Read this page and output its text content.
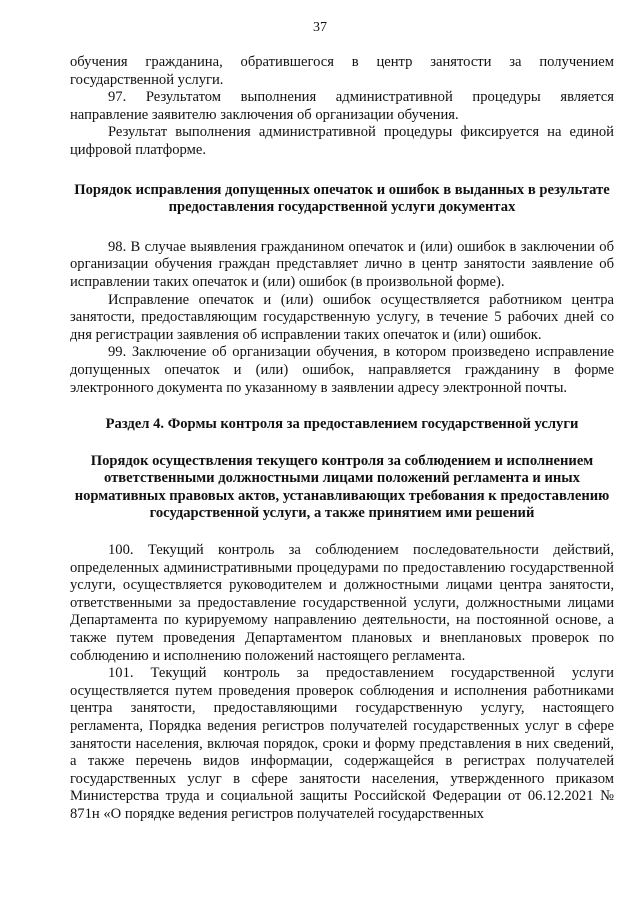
37

обучения гражданина, обратившегося в центр занятости за получением государственной услуги.

97. Результатом выполнения административной процедуры является направление заявителю заключения об организации обучения.

Результат выполнения административной процедуры фиксируется на единой цифровой платформе.

Порядок исправления допущенных опечаток и ошибок в выданных в результате предоставления государственной услуги документах

98. В случае выявления гражданином опечаток и (или) ошибок в заключении об организации обучения граждан представляет лично в центр занятости заявление об исправлении таких опечаток и (или) ошибок (в произвольной форме).

Исправление опечаток и (или) ошибок осуществляется работником центра занятости, предоставляющим государственную услугу, в течение 5 рабочих дней со дня регистрации заявления об исправлении таких опечаток и (или) ошибок.

99. Заключение об организации обучения, в котором произведено исправление допущенных опечаток и (или) ошибок, направляется гражданину в форме электронного документа по указанному в заявлении адресу электронной почты.

Раздел 4. Формы контроля за предоставлением государственной услуги
Порядок осуществления текущего контроля за соблюдением и исполнением ответственными должностными лицами положений регламента и иных нормативных правовых актов, устанавливающих требования к предоставлению государственной услуги, а также принятием ими решений

100. Текущий контроль за соблюдением последовательности действий, определенных административными процедурами по предоставлению государственной услуги, осуществляется руководителем и должностными лицами центра занятости, ответственными за предоставление государственной услуги, должностными лицами Департамента по курируемому направлению деятельности, на постоянной основе, а также путем проведения Департаментом плановых и внеплановых проверок по соблюдению и исполнению положений настоящего регламента.

101. Текущий контроль за предоставлением государственной услуги осуществляется путем проведения проверок соблюдения и исполнения работниками центра занятости, предоставляющими государственную услугу, настоящего регламента, Порядка ведения регистров получателей государственных услуг в сфере занятости населения, включая порядок, сроки и форму представления в них сведений, а также перечень видов информации, содержащейся в регистрах получателей государственных услуг в сфере занятости населения, утвержденного приказом Министерства труда и социальной защиты Российской Федерации от 06.12.2021 № 871н «О порядке ведения регистров получателей государственных
